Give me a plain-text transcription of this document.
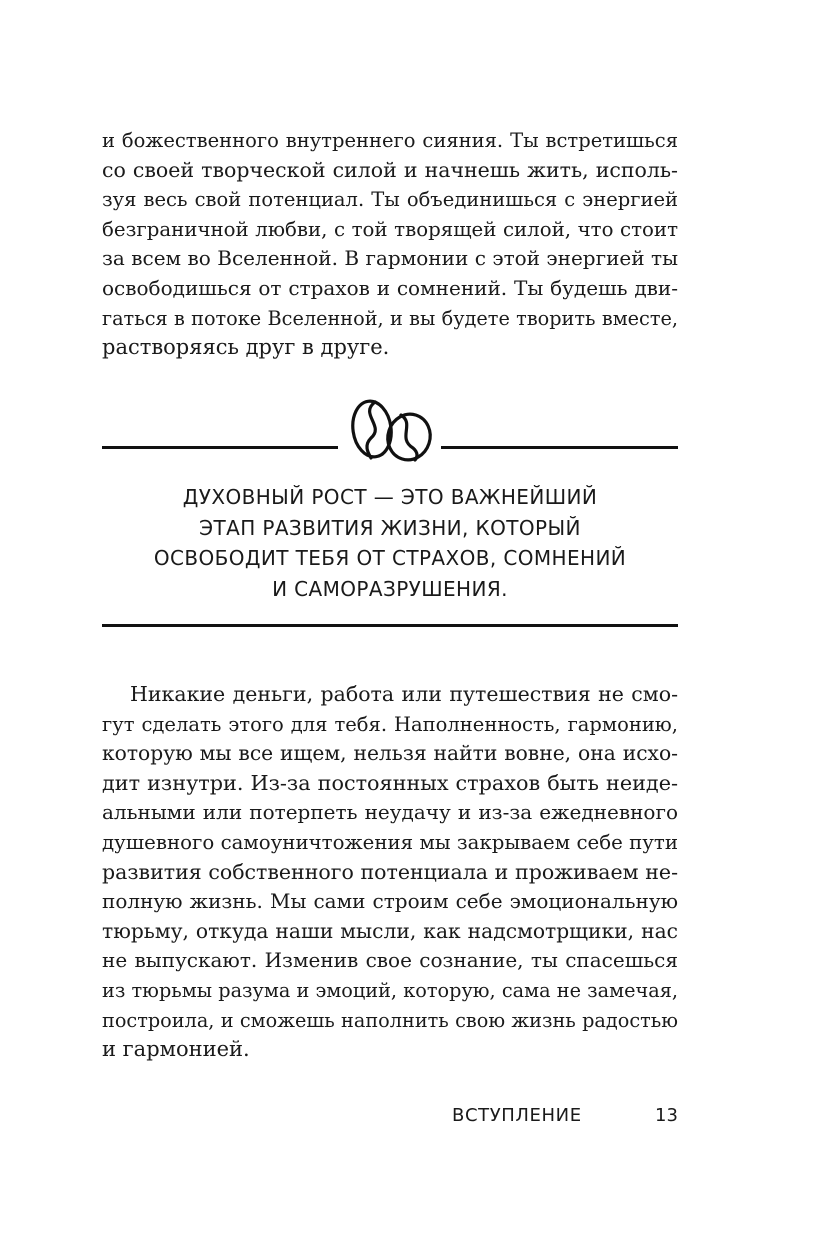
и божественного внутреннего сияния. Ты встретишься
со своей творческой силой и начнешь жить, исполь-
зуя весь свой потенциал. Ты объединишься с энергией
безграничной любви, с той творящей силой, что стоит
за всем во Вселенной. В гармонии с этой энергией ты
освободишься от страхов и сомнений. Ты будешь дви-
гаться в потоке Вселенной, и вы будете творить вместе,
растворяясь друг в друге.
ДУХОВНЫЙ РОСТ — ЭТО ВАЖНЕЙШИЙ
ЭТАП РАЗВИТИЯ ЖИЗНИ, КОТОРЫЙ
ОСВОБОДИТ ТЕБЯ ОТ СТРАХОВ, СОМНЕНИЙ
И САМОРАЗРУШЕНИЯ.
Никакие деньги, работа или путешествия не смо-
гут сделать этого для тебя. Наполненность, гармонию,
которую мы все ищем, нельзя найти вовне, она исхо-
дит изнутри. Из-за постоянных страхов быть неиде-
альными или потерпеть неудачу и из-за ежедневного
душевного самоуничтожения мы закрываем себе пути
развития собственного потенциала и проживаем не-
полную жизнь. Мы сами строим себе эмоциональную
тюрьму, откуда наши мысли, как надсмотрщики, нас
не выпускают. Изменив свое сознание, ты спасешься
из тюрьмы разума и эмоций, которую, сама не замечая,
построила, и сможешь наполнить свою жизнь радостью
и гармонией.
ВСТУПЛЕНИЕ	13
